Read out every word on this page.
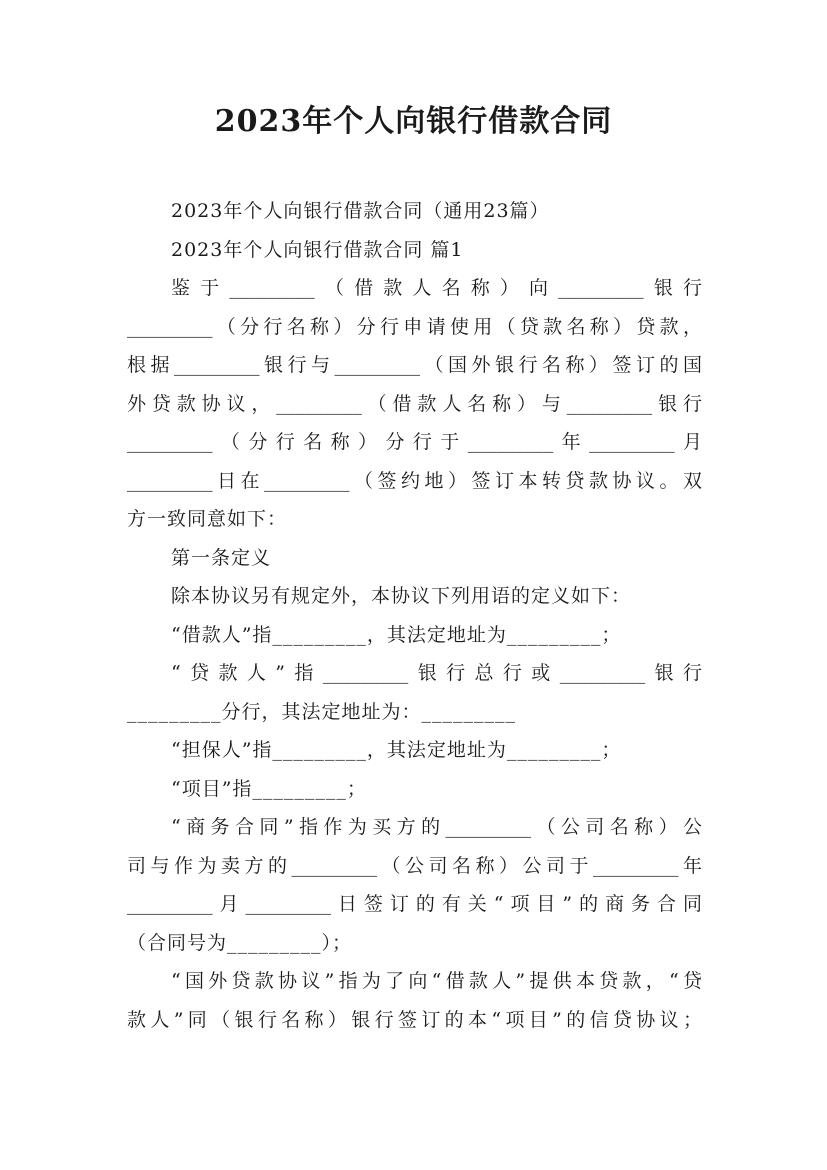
2023年个人向银行借款合同
2023年个人向银行借款合同（通用23篇）
2023年个人向银行借款合同 篇1
鉴于_________（借款人名称）向_________银行
_________（分行名称）分行申请使用（贷款名称）贷款，
根据_________银行与_________（国外银行名称）签订的国
外贷款协议，_________（借款人名称）与_________银行
_________（分行名称）分行于_________年_________月
_________日在_________（签约地）签订本转贷款协议。双
方一致同意如下：
第一条定义
除本协议另有规定外，本协议下列用语的定义如下：
“借款人”指_________，其法定地址为_________；
“贷款人”指_________银行总行或_________银行
_________分行，其法定地址为：_________
“担保人”指_________，其法定地址为_________；
“项目”指_________；
“商务合同”指作为买方的_________（公司名称）公
司与作为卖方的_________（公司名称）公司于_________年
_________月_________日签订的有关“项目”的商务合同
（合同号为_________）；
“国外贷款协议”指为了向“借款人”提供本贷款，“贷
款人”同（银行名称）银行签订的本“项目”的信贷协议；
